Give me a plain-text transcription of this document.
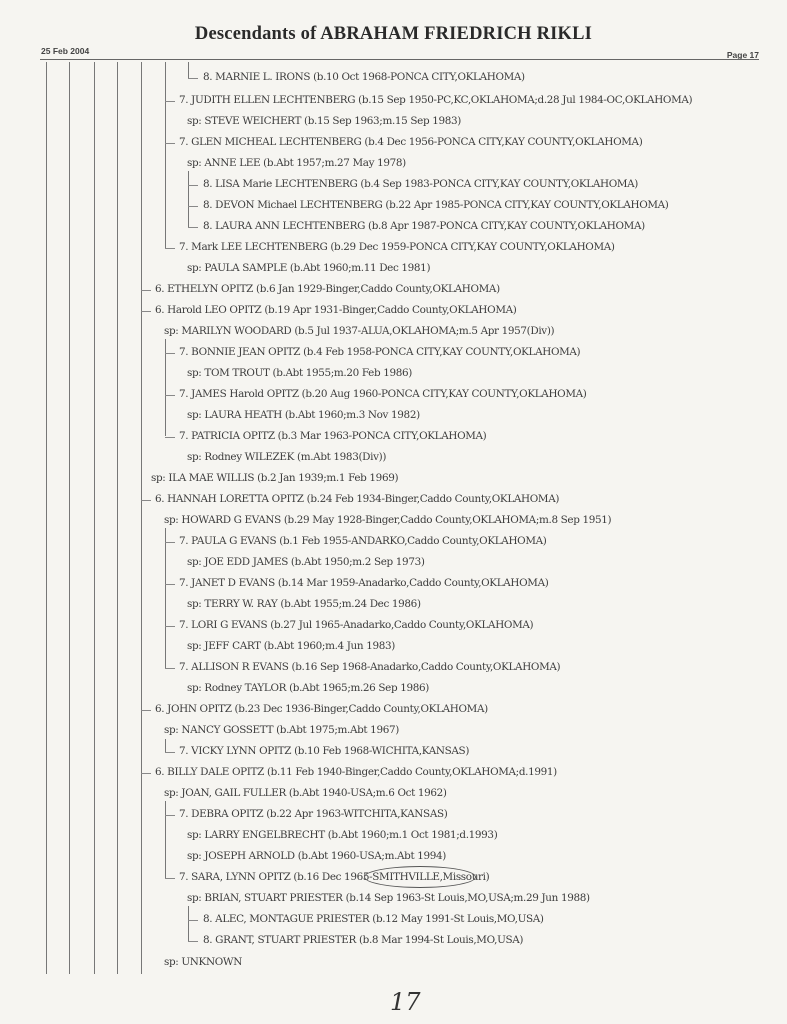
Descendants of ABRAHAM FRIEDRICH RIKLI
25 Feb 2004	Page 17
8. MARNIE L. IRONS (b.10 Oct 1968-PONCA CITY,OKLAHOMA)
7. JUDITH ELLEN LECHTENBERG (b.15 Sep 1950-PC,KC,OKLAHOMA;d.28 Jul 1984-OC,OKLAHOMA)
sp: STEVE WEICHERT (b.15 Sep 1963;m.15 Sep 1983)
7. GLEN MICHEAL LECHTENBERG (b.4 Dec 1956-PONCA CITY,KAY COUNTY,OKLAHOMA)
sp: ANNE LEE (b.Abt 1957;m.27 May 1978)
8. LISA Marie LECHTENBERG (b.4 Sep 1983-PONCA CITY,KAY COUNTY,OKLAHOMA)
8. DEVON Michael LECHTENBERG (b.22 Apr 1985-PONCA CITY,KAY COUNTY,OKLAHOMA)
8. LAURA ANN LECHTENBERG (b.8 Apr 1987-PONCA CITY,KAY COUNTY,OKLAHOMA)
7. Mark LEE LECHTENBERG (b.29 Dec 1959-PONCA CITY,KAY COUNTY,OKLAHOMA)
sp: PAULA SAMPLE (b.Abt 1960;m.11 Dec 1981)
6. ETHELYN OPITZ (b.6 Jan 1929-Binger,Caddo County,OKLAHOMA)
6. Harold LEO OPITZ (b.19 Apr 1931-Binger,Caddo County,OKLAHOMA)
sp: MARILYN WOODARD (b.5 Jul 1937-ALUA,OKLAHOMA;m.5 Apr 1957(Div))
7. BONNIE JEAN OPITZ (b.4 Feb 1958-PONCA CITY,KAY COUNTY,OKLAHOMA)
sp: TOM TROUT (b.Abt 1955;m.20 Feb 1986)
7. JAMES Harold OPITZ (b.20 Aug 1960-PONCA CITY,KAY COUNTY,OKLAHOMA)
sp: LAURA HEATH (b.Abt 1960;m.3 Nov 1982)
7. PATRICIA OPITZ (b.3 Mar 1963-PONCA CITY,OKLAHOMA)
sp: Rodney WILEZEK (m.Abt 1983(Div))
sp: ILA MAE WILLIS (b.2 Jan 1939;m.1 Feb 1969)
6. HANNAH LORETTA OPITZ (b.24 Feb 1934-Binger,Caddo County,OKLAHOMA)
sp: HOWARD G EVANS (b.29 May 1928-Binger,Caddo County,OKLAHOMA;m.8 Sep 1951)
7. PAULA G EVANS (b.1 Feb 1955-ANDARKO,Caddo County,OKLAHOMA)
sp: JOE EDD JAMES (b.Abt 1950;m.2 Sep 1973)
7. JANET D EVANS (b.14 Mar 1959-Anadarko,Caddo County,OKLAHOMA)
sp: TERRY W. RAY (b.Abt 1955;m.24 Dec 1986)
7. LORI G EVANS (b.27 Jul 1965-Anadarko,Caddo County,OKLAHOMA)
sp: JEFF CART (b.Abt 1960;m.4 Jun 1983)
7. ALLISON R EVANS (b.16 Sep 1968-Anadarko,Caddo County,OKLAHOMA)
sp: Rodney TAYLOR (b.Abt 1965;m.26 Sep 1986)
6. JOHN OPITZ (b.23 Dec 1936-Binger,Caddo County,OKLAHOMA)
sp: NANCY GOSSETT (b.Abt 1975;m.Abt 1967)
7. VICKY LYNN OPITZ (b.10 Feb 1968-WICHITA,KANSAS)
6. BILLY DALE OPITZ (b.11 Feb 1940-Binger,Caddo County,OKLAHOMA;d.1991)
sp: JOAN, GAIL FULLER (b.Abt 1940-USA;m.6 Oct 1962)
7. DEBRA OPITZ (b.22 Apr 1963-WITCHITA,KANSAS)
sp: LARRY ENGELBRECHT (b.Abt 1960;m.1 Oct 1981;d.1993)
sp: JOSEPH ARNOLD (b.Abt 1960-USA;m.Abt 1994)
7. SARA, LYNN OPITZ (b.16 Dec 1965-SMITHVILLE,Missouri)
sp: BRIAN, STUART PRIESTER (b.14 Sep 1963-St Louis,MO,USA;m.29 Jun 1988)
8. ALEC, MONTAGUE PRIESTER (b.12 May 1991-St Louis,MO,USA)
8. GRANT, STUART PRIESTER (b.8 Mar 1994-St Louis,MO,USA)
sp: UNKNOWN
17
